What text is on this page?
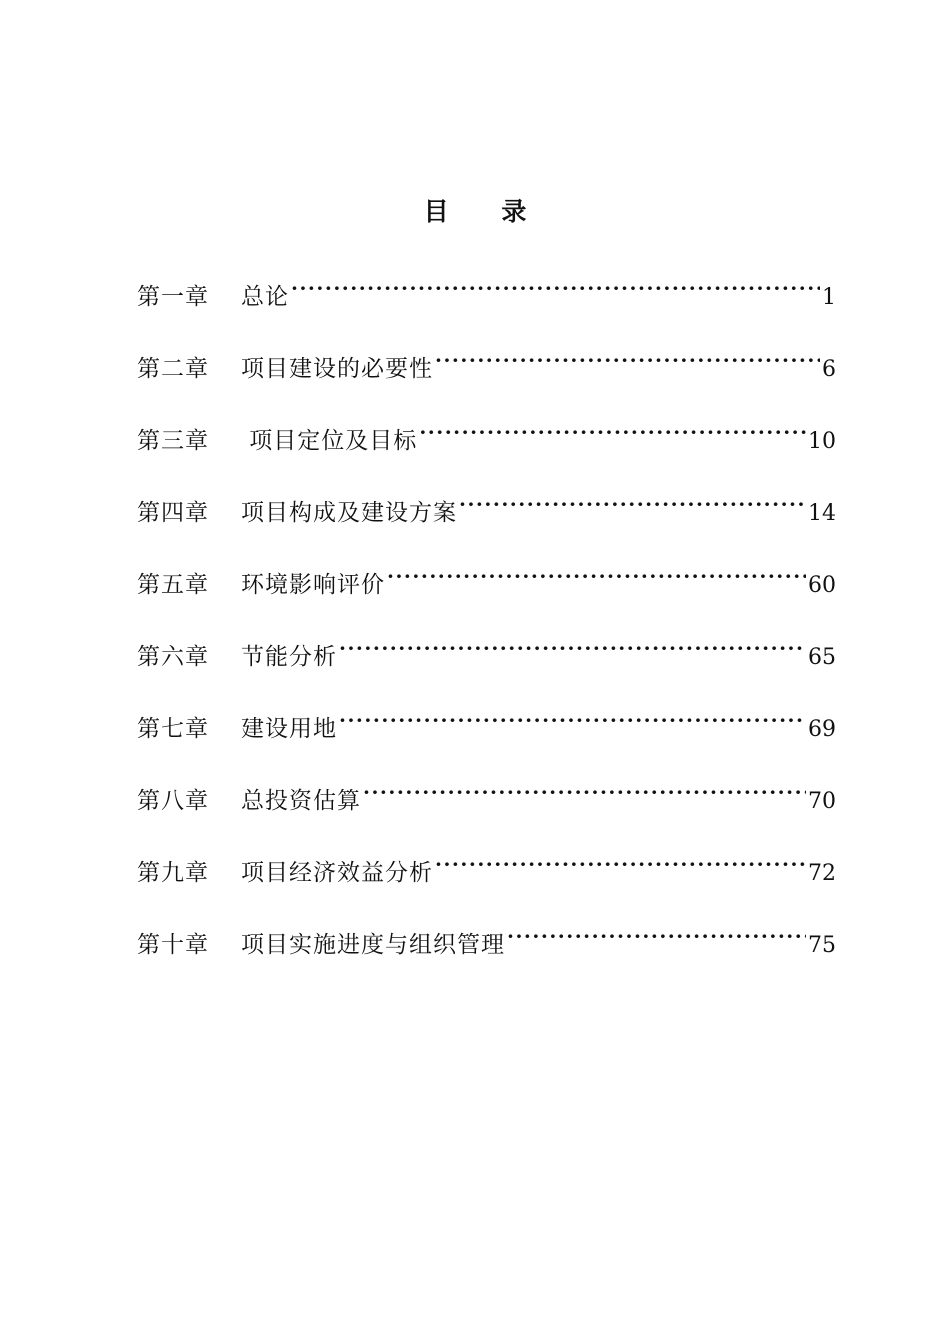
目 录
第一章	总论 ·····	1
第二章	项目建设的必要性 ·····	6
第三章	项目定位及目标 ·····	10
第四章	项目构成及建设方案 ·····	14
第五章	环境影响评价 ·····	60
第六章	节能分析 ·····	65
第七章	建设用地 ·····	69
第八章	总投资估算 ·····	70
第九章	项目经济效益分析 ·····	72
第十章	项目实施进度与组织管理 ·····	75
